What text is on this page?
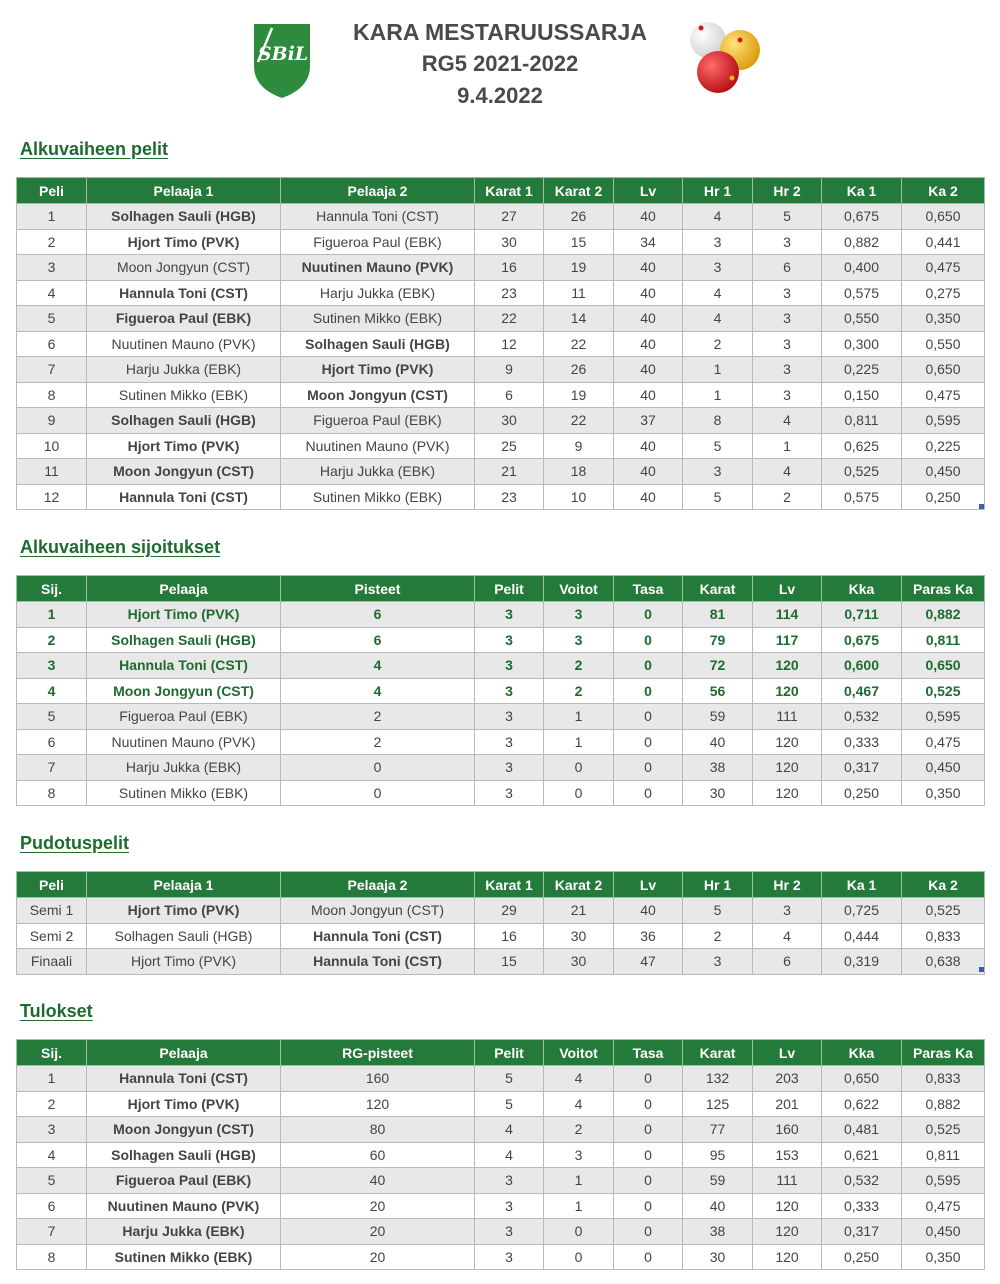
SBiL
KARA MESTARUUSSARJA
RG5 2021-2022
9.4.2022
Alkuvaiheen pelit
Peli	Pelaaja 1	Pelaaja 2	Karat 1	Karat 2	Lv	Hr 1	Hr 2	Ka 1	Ka 2
1	Solhagen Sauli (HGB)	Hannula Toni (CST)	27	26	40	4	5	0,675	0,650
2	Hjort Timo (PVK)	Figueroa Paul (EBK)	30	15	34	3	3	0,882	0,441
3	Moon Jongyun (CST)	Nuutinen Mauno (PVK)	16	19	40	3	6	0,400	0,475
4	Hannula Toni (CST)	Harju Jukka (EBK)	23	11	40	4	3	0,575	0,275
5	Figueroa Paul (EBK)	Sutinen Mikko (EBK)	22	14	40	4	3	0,550	0,350
6	Nuutinen Mauno (PVK)	Solhagen Sauli (HGB)	12	22	40	2	3	0,300	0,550
7	Harju Jukka (EBK)	Hjort Timo (PVK)	9	26	40	1	3	0,225	0,650
8	Sutinen Mikko (EBK)	Moon Jongyun (CST)	6	19	40	1	3	0,150	0,475
9	Solhagen Sauli (HGB)	Figueroa Paul (EBK)	30	22	37	8	4	0,811	0,595
10	Hjort Timo (PVK)	Nuutinen Mauno (PVK)	25	9	40	5	1	0,625	0,225
11	Moon Jongyun (CST)	Harju Jukka (EBK)	21	18	40	3	4	0,525	0,450
12	Hannula Toni (CST)	Sutinen Mikko (EBK)	23	10	40	5	2	0,575	0,250
Alkuvaiheen sijoitukset
Sij.	Pelaaja	Pisteet	Pelit	Voitot	Tasa	Karat	Lv	Kka	Paras Ka
1	Hjort Timo (PVK)	6	3	3	0	81	114	0,711	0,882
2	Solhagen Sauli (HGB)	6	3	3	0	79	117	0,675	0,811
3	Hannula Toni (CST)	4	3	2	0	72	120	0,600	0,650
4	Moon Jongyun (CST)	4	3	2	0	56	120	0,467	0,525
5	Figueroa Paul (EBK)	2	3	1	0	59	111	0,532	0,595
6	Nuutinen Mauno (PVK)	2	3	1	0	40	120	0,333	0,475
7	Harju Jukka (EBK)	0	3	0	0	38	120	0,317	0,450
8	Sutinen Mikko (EBK)	0	3	0	0	30	120	0,250	0,350
Pudotuspelit
Peli	Pelaaja 1	Pelaaja 2	Karat 1	Karat 2	Lv	Hr 1	Hr 2	Ka 1	Ka 2
Semi 1	Hjort Timo (PVK)	Moon Jongyun (CST)	29	21	40	5	3	0,725	0,525
Semi 2	Solhagen Sauli (HGB)	Hannula Toni (CST)	16	30	36	2	4	0,444	0,833
Finaali	Hjort Timo (PVK)	Hannula Toni (CST)	15	30	47	3	6	0,319	0,638
Tulokset
Sij.	Pelaaja	RG-pisteet	Pelit	Voitot	Tasa	Karat	Lv	Kka	Paras Ka
1	Hannula Toni (CST)	160	5	4	0	132	203	0,650	0,833
2	Hjort Timo (PVK)	120	5	4	0	125	201	0,622	0,882
3	Moon Jongyun (CST)	80	4	2	0	77	160	0,481	0,525
4	Solhagen Sauli (HGB)	60	4	3	0	95	153	0,621	0,811
5	Figueroa Paul (EBK)	40	3	1	0	59	111	0,532	0,595
6	Nuutinen Mauno (PVK)	20	3	1	0	40	120	0,333	0,475
7	Harju Jukka (EBK)	20	3	0	0	38	120	0,317	0,450
8	Sutinen Mikko (EBK)	20	3	0	0	30	120	0,250	0,350
